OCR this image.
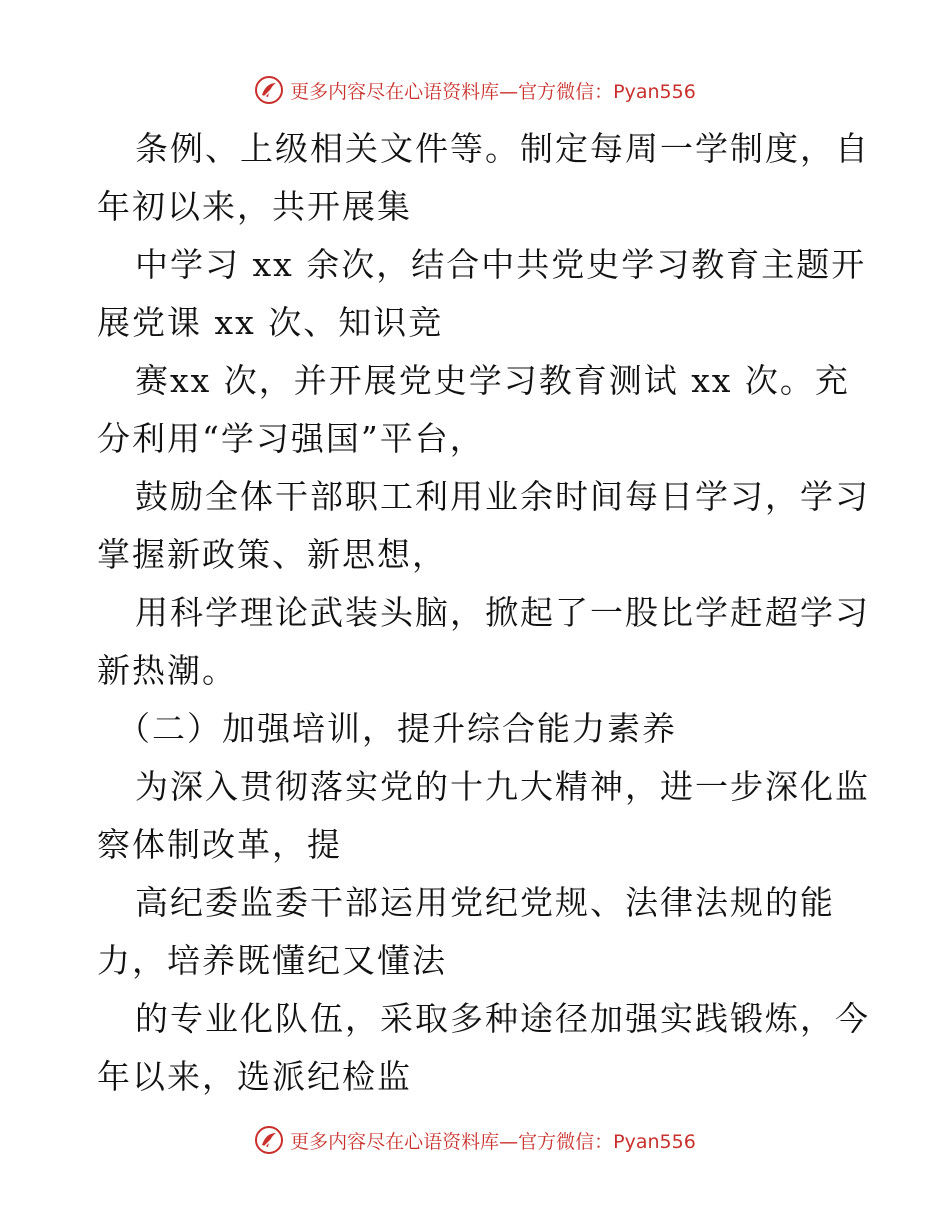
更多内容尽在心语资料库—官方微信：Pyan556
条例、上级相关文件等。制定每周一学制度，自
年初以来，共开展集
中学习 xx 余次，结合中共党史学习教育主题开
展党课 xx 次、知识竞
赛xx 次，并开展党史学习教育测试 xx 次。充
分利用“学习强国”平台，
鼓励全体干部职工利用业余时间每日学习，学习
掌握新政策、新思想，
用科学理论武装头脑，掀起了一股比学赶超学习
新热潮。
（二）加强培训，提升综合能力素养
为深入贯彻落实党的十九大精神，进一步深化监
察体制改革，提
高纪委监委干部运用党纪党规、法律法规的能
力，培养既懂纪又懂法
的专业化队伍，采取多种途径加强实践锻炼，今
年以来，选派纪检监
更多内容尽在心语资料库—官方微信：Pyan556
